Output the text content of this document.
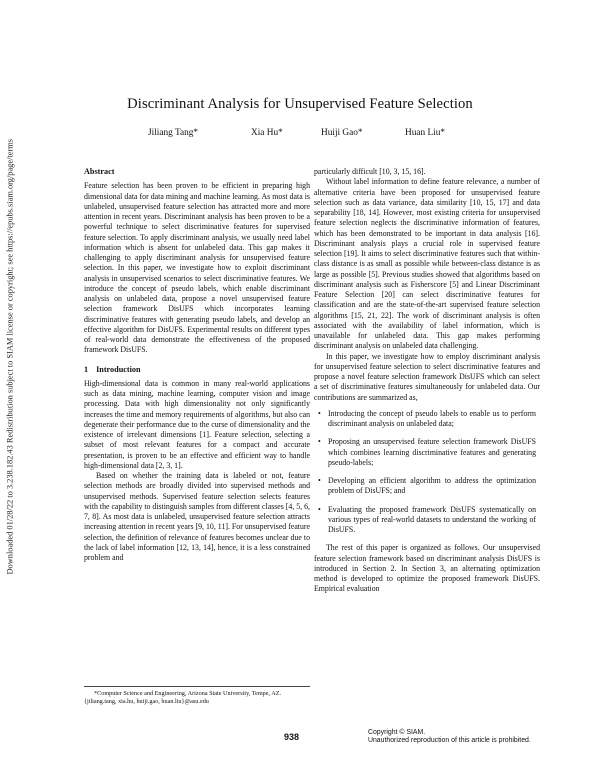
Downloaded 01/28/22 to 3.238.182.43 Redistribution subject to SIAM license or copyright; see https://epubs.siam.org/page/terms
Discriminant Analysis for Unsupervised Feature Selection
Jiliang Tang*	Xia Hu*	Huiji Gao*	Huan Liu*
Abstract

Feature selection has been proven to be efficient in preparing high dimensional data for data mining and machine learning. As most data is unlabeled, unsupervised feature selection has attracted more and more attention in recent years. Discriminant analysis has been proven to be a powerful technique to select discriminative features for supervised feature selection. To apply discriminant analysis, we usually need label information which is absent for unlabeled data. This gap makes it challenging to apply discriminant analysis for unsupervised feature selection. In this paper, we investigate how to exploit discriminant analysis in unsupervised scenarios to select discriminative features. We introduce the concept of pseudo labels, which enable discriminant analysis on unlabeled data, propose a novel unsupervised feature selection framework DisUFS which incorporates learning discriminative features with generating pseudo labels, and develop an effective algorithm for DisUFS. Experimental results on different types of real-world data demonstrate the effectiveness of the proposed framework DisUFS.

1 Introduction

High-dimensional data is common in many real-world applications such as data mining, machine learning, computer vision and image processing. Data with high dimensionality not only significantly increases the time and memory requirements of algorithms, but also can degenerate their performance due to the curse of dimensionality and the existence of irrelevant dimensions [1]. Feature selection, selecting a subset of most relevant features for a compact and accurate presentation, is proven to be an effective and efficient way to handle high-dimensional data [2, 3, 1].

Based on whether the training data is labeled or not, feature selection methods are broadly divided into supervised methods and unsupervised methods. Supervised feature selection selects features with the capability to distinguish samples from different classes [4, 5, 6, 7, 8]. As most data is unlabeled, unsupervised feature selection attracts increasing attention in recent years [9, 10, 11]. For unsupervised feature selection, the definition of relevance of features becomes unclear due to the lack of label information [12, 13, 14], hence, it is a less constrained problem and

particularly difficult [10, 3, 15, 16].

Without label information to define feature relevance, a number of alternative criteria have been proposed for unsupervised feature selection such as data variance, data similarity [10, 15, 17] and data separability [18, 14]. However, most existing criteria for unsupervised feature selection neglects the discriminative information of features, which has been demonstrated to be important in data analysis [16]. Discriminant analysis plays a crucial role in supervised feature selection [19]. It aims to select discriminative features such that within-class distance is as small as possible while between-class distance is as large as possible [5]. Previous studies showed that algorithms based on discriminant analysis such as Fisherscore [5] and Linear Discriminant Feature Selection [20] can select discriminative features for classification and are the state-of-the-art supervised feature selection algorithms [15, 21, 22]. The work of discriminant analysis is often associated with the availability of label information, which is unavailable for unlabeled data. This gap makes performing discriminant analysis on unlabeled data challenging.

In this paper, we investigate how to employ discriminant analysis for unsupervised feature selection to select discriminative features and propose a novel feature selection framework DisUFS which can select a set of discriminative features simultaneously for unlabeled data. Our contributions are summarized as,

• Introducing the concept of pseudo labels to enable us to perform discriminant analysis on unlabeled data;
• Proposing an unsupervised feature selection framework DisUFS which combines learning discriminative features and generating pseudo-labels;
• Developing an efficient algorithm to address the optimization problem of DisUFS; and
• Evaluating the proposed framework DisUFS systematically on various types of real-world datasets to understand the working of DisUFS.

The rest of this paper is organized as follows. Our unsupervised feature selection framework based on discriminant analysis DisUFS is introduced in Section 2. In Section 3, an alternating optimization method is developed to optimize the proposed framework DisUFS. Empirical evaluation

*Computer Science and Engineering, Arizona State University, Tempe, AZ. {jiliang.tang, xia.hu, huiji.gao, huan.liu}@asu.edu

938	Copyright © SIAM.
Unauthorized reproduction of this article is prohibited.
